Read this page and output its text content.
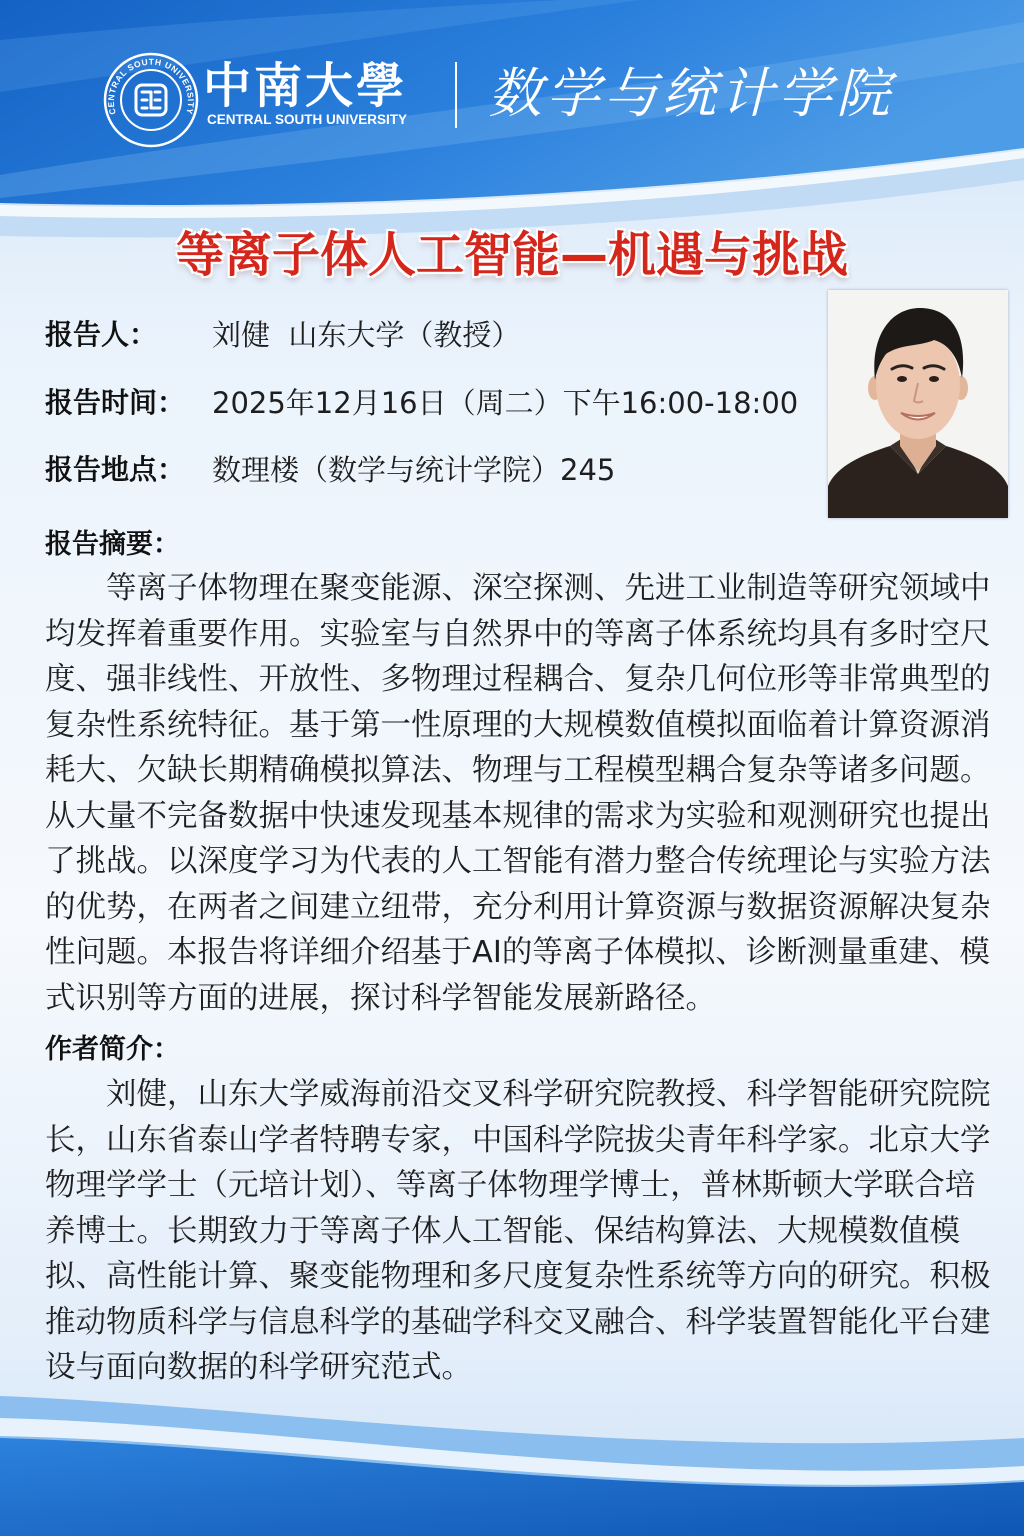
CENTRAL SOUTH UNIVERSITY 中南大學
CENTRAL SOUTH UNIVERSITY 数学与统计学院
等离子体人工智能—机遇与挑战
报告人： 刘健  山东大学（教授）
报告时间： 2025年12月16日（周二）下午16:00-18:00
报告地点： 数理楼（数学与统计学院）245
报告摘要：
等离子体物理在聚变能源、深空探测、先进工业制造等研究领域中
均发挥着重要作用。实验室与自然界中的等离子体系统均具有多时空尺
度、强非线性、开放性、多物理过程耦合、复杂几何位形等非常典型的
复杂性系统特征。基于第一性原理的大规模数值模拟面临着计算资源消
耗大、欠缺长期精确模拟算法、物理与工程模型耦合复杂等诸多问题。
从大量不完备数据中快速发现基本规律的需求为实验和观测研究也提出
了挑战。以深度学习为代表的人工智能有潜力整合传统理论与实验方法
的优势，在两者之间建立纽带，充分利用计算资源与数据资源解决复杂
性问题。本报告将详细介绍基于AI的等离子体模拟、诊断测量重建、模
式识别等方面的进展，探讨科学智能发展新路径。
作者简介：
刘健，山东大学威海前沿交叉科学研究院教授、科学智能研究院院
长，山东省泰山学者特聘专家，中国科学院拔尖青年科学家。北京大学
物理学学士（元培计划）、等离子体物理学博士，普林斯顿大学联合培
养博士。长期致力于等离子体人工智能、保结构算法、大规模数值模
拟、高性能计算、聚变能物理和多尺度复杂性系统等方向的研究。积极
推动物质科学与信息科学的基础学科交叉融合、科学装置智能化平台建
设与面向数据的科学研究范式。
